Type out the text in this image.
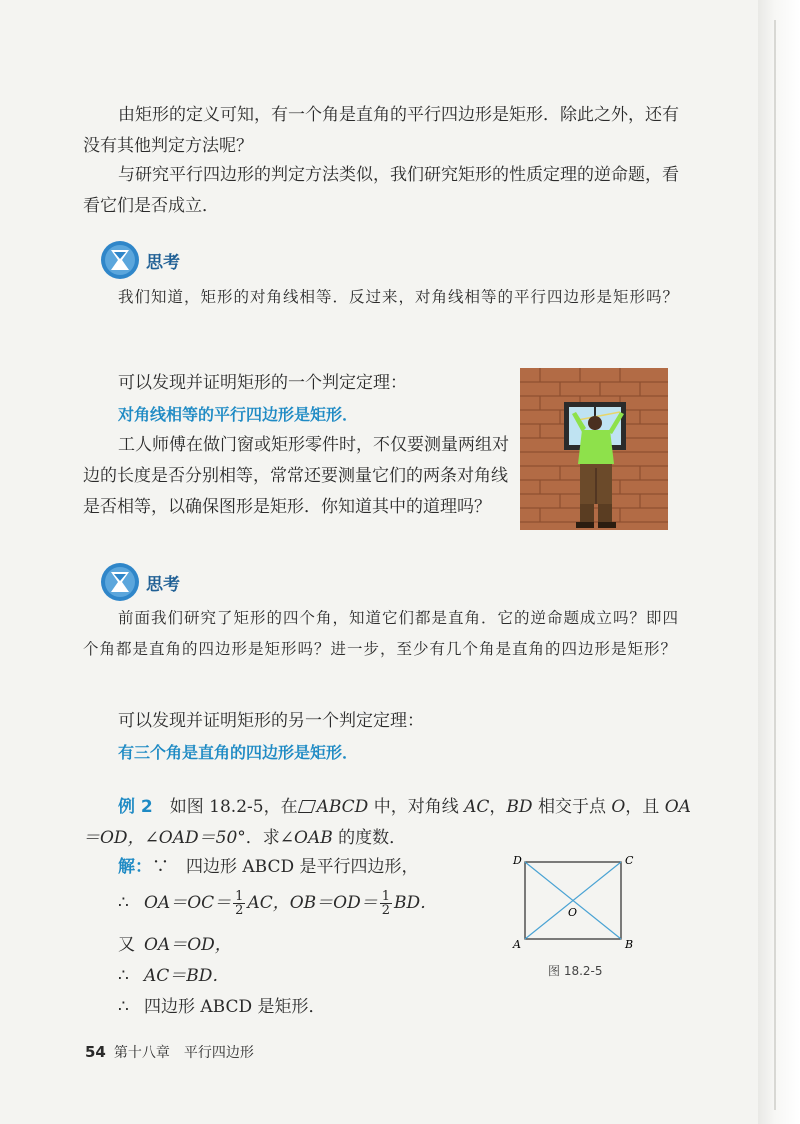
由矩形的定义可知，有一个角是直角的平行四边形是矩形．除此之外，还有没有其他判定方法呢？

与研究平行四边形的判定方法类似，我们研究矩形的性质定理的逆命题，看看它们是否成立．

思考

我们知道，矩形的对角线相等．反过来，对角线相等的平行四边形是矩形吗？

可以发现并证明矩形的一个判定定理：

对角线相等的平行四边形是矩形．

工人师傅在做门窗或矩形零件时，不仅要测量两组对边的长度是否分别相等，常常还要测量它们的两条对角线是否相等，以确保图形是矩形．你知道其中的道理吗？

思考

前面我们研究了矩形的四个角，知道它们都是直角．它的逆命题成立吗？即四个角都是直角的四边形是矩形吗？进一步，至少有几个角是直角的四边形是矩形？

可以发现并证明矩形的另一个判定定理：

有三个角是直角的四边形是矩形．

例 2　 如图 18.2-5，在 ABCD 中，对角线 AC，BD 相交于点 O，且 OA＝OD，∠OAD＝50°．求∠OAB 的度数．

解：∵　 四边形 ABCD 是平行四边形，

∴ $OA=OC= \frac{1}{2}$ AC，$OB=OD= \frac{1}{2}$ BD．

又 OA＝OD，

∴ AC＝BD．

∴ 四边形 ABCD 是矩形．

D	C
A	B
O
图 18.2-5
54 第十八章 平行四边形
